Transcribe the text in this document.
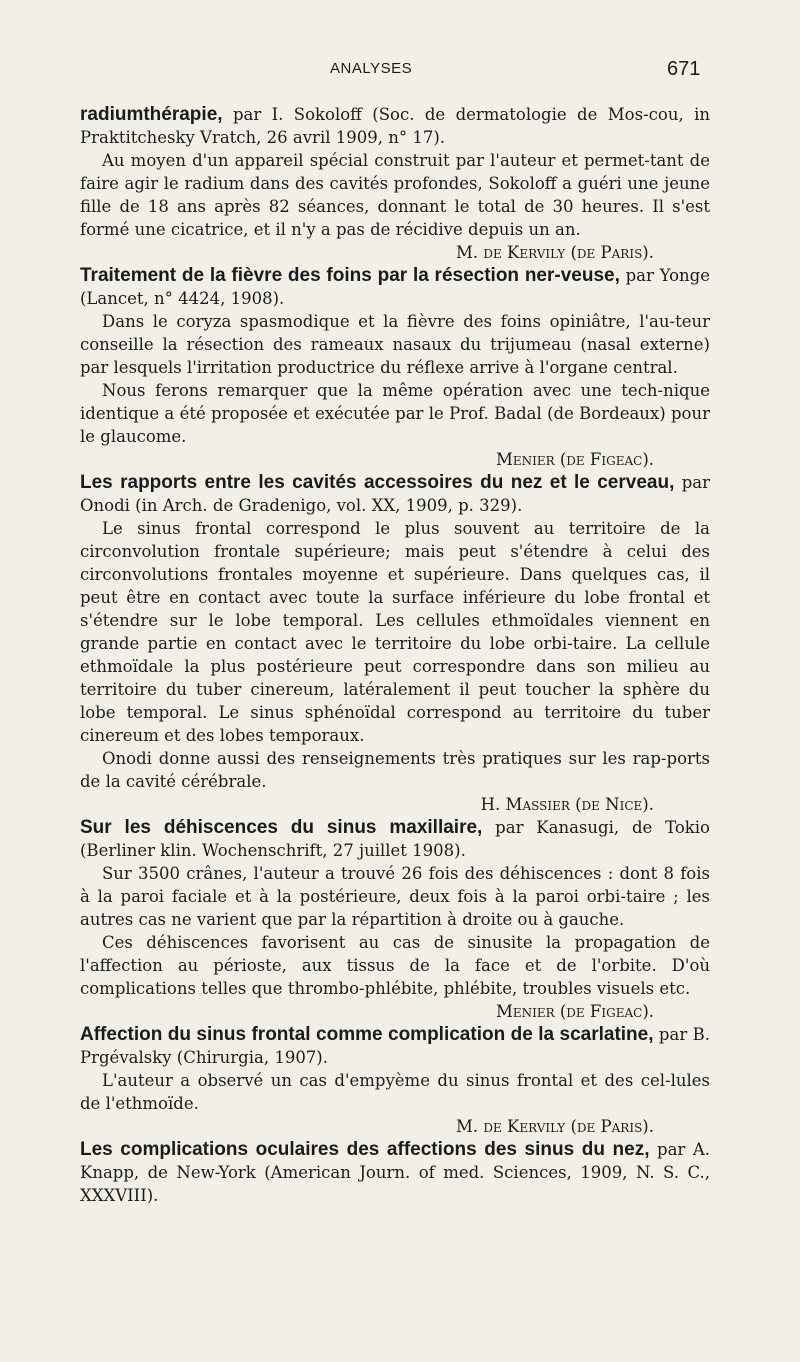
ANALYSES	671

radiumthérapie, par I. Sokoloff (Soc. de dermatologie de Mos-cou, in Praktitchesky Vratch, 26 avril 1909, n° 17).

Au moyen d'un appareil spécial construit par l'auteur et permet-tant de faire agir le radium dans des cavités profondes, Sokoloff a guéri une jeune fille de 18 ans après 82 séances, donnant le total de 30 heures. Il s'est formé une cicatrice, et il n'y a pas de récidive depuis un an.

M. de Kervily (de Paris).

Traitement de la fièvre des foins par la résection ner-veuse, par Yonge (Lancet, n° 4424, 1908).

Dans le coryza spasmodique et la fièvre des foins opiniâtre, l'au-teur conseille la résection des rameaux nasaux du trijumeau (nasal externe) par lesquels l'irritation productrice du réflexe arrive à l'organe central.

Nous ferons remarquer que la même opération avec une tech-nique identique a été proposée et exécutée par le Prof. Badal (de Bordeaux) pour le glaucome.

Menier (de Figeac).

Les rapports entre les cavités accessoires du nez et le cerveau, par Onodi (in Arch. de Gradenigo, vol. XX, 1909, p. 329).

Le sinus frontal correspond le plus souvent au territoire de la circonvolution frontale supérieure; mais peut s'étendre à celui des circonvolutions frontales moyenne et supérieure. Dans quelques cas, il peut être en contact avec toute la surface inférieure du lobe frontal et s'étendre sur le lobe temporal. Les cellules ethmoïdales viennent en grande partie en contact avec le territoire du lobe orbi-taire. La cellule ethmoïdale la plus postérieure peut correspondre dans son milieu au territoire du tuber cinereum, latéralement il peut toucher la sphère du lobe temporal. Le sinus sphénoïdal correspond au territoire du tuber cinereum et des lobes temporaux.

Onodi donne aussi des renseignements très pratiques sur les rap-ports de la cavité cérébrale.

H. Massier (de Nice).

Sur les déhiscences du sinus maxillaire, par Kanasugi, de Tokio (Berliner klin. Wochenschrift, 27 juillet 1908).

Sur 3500 crânes, l'auteur a trouvé 26 fois des déhiscences : dont 8 fois à la paroi faciale et à la postérieure, deux fois à la paroi orbi-taire ; les autres cas ne varient que par la répartition à droite ou à gauche.

Ces déhiscences favorisent au cas de sinusite la propagation de l'affection au périoste, aux tissus de la face et de l'orbite. D'où complications telles que thrombo-phlébite, phlébite, troubles visuels etc.

Menier (de Figeac).

Affection du sinus frontal comme complication de la scarlatine, par B. Prgévalsky (Chirurgia, 1907).

L'auteur a observé un cas d'empyème du sinus frontal et des cel-lules de l'ethmoïde.

M. de Kervily (de Paris).

Les complications oculaires des affections des sinus du nez, par A. Knapp, de New-York (American Journ. of med. Sciences, 1909, N. S. C., XXXVIII).
